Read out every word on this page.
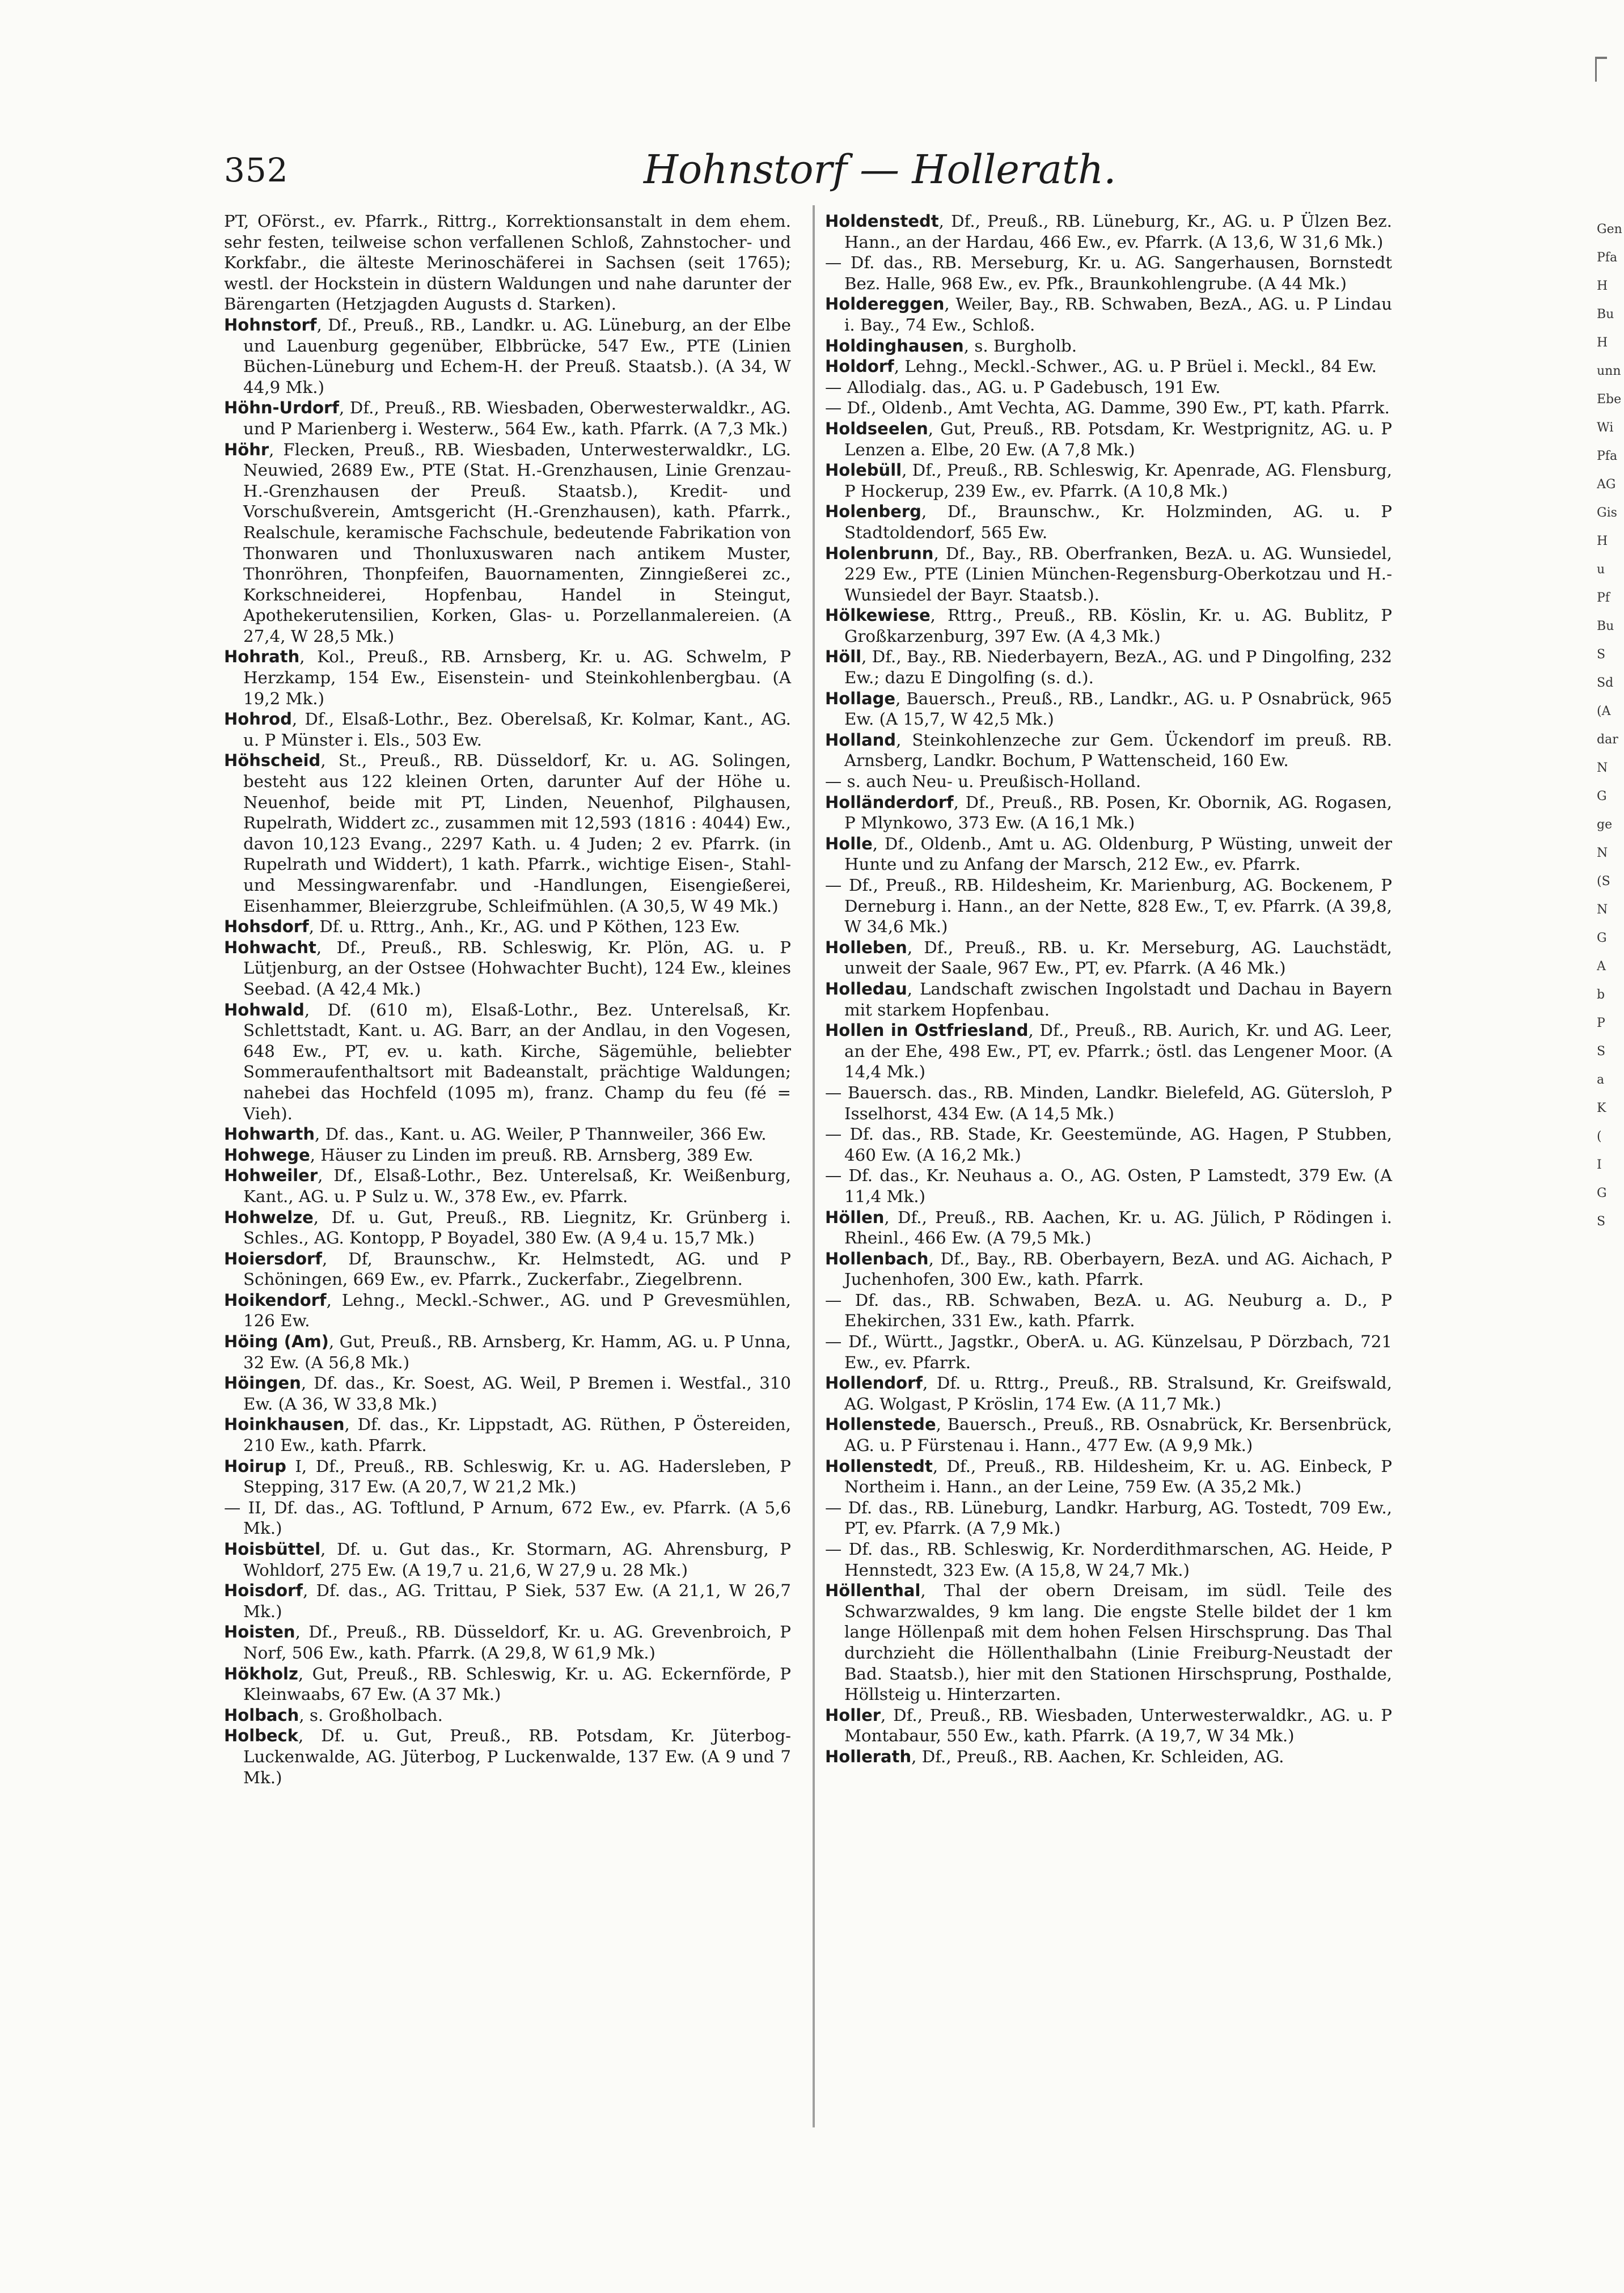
352	Hohnstorf — Hollerath.

PT, OFörst., ev. Pfarrk., Rittrg., Korrektionsanstalt in dem ehem. sehr festen, teilweise schon verfallenen Schloß, Zahnstocher- und Korkfabr., die älteste Merinoschäferei in Sachsen (seit 1765); westl. der Hockstein in düstern Waldungen und nahe darunter der Bärengarten (Hetzjagden Augusts d. Starken).

Hohnstorf, Df., Preuß., RB., Landkr. u. AG. Lüneburg, an der Elbe und Lauenburg gegenüber, Elbbrücke, 547 Ew., PTE (Linien Büchen-Lüneburg und Echem-H. der Preuß. Staatsb.). (A 34, W 44,9 Mk.)

Höhn-Urdorf, Df., Preuß., RB. Wiesbaden, Oberwesterwaldkr., AG. und P Marienberg i. Westerw., 564 Ew., kath. Pfarrk. (A 7,3 Mk.)

Höhr, Flecken, Preuß., RB. Wiesbaden, Unterwesterwaldkr., LG. Neuwied, 2689 Ew., PTE (Stat. H.-Grenzhausen, Linie Grenzau-H.-Grenzhausen der Preuß. Staatsb.), Kredit- und Vorschußverein, Amtsgericht (H.-Grenzhausen), kath. Pfarrk., Realschule, keramische Fachschule, bedeutende Fabrikation von Thonwaren und Thonluxuswaren nach antikem Muster, Thonröhren, Thonpfeifen, Bauornamenten, Zinngießerei zc., Korkschneiderei, Hopfenbau, Handel in Steingut, Apothekerutensilien, Korken, Glas- u. Porzellanmalereien. (A 27,4, W 28,5 Mk.)

Hohrath, Kol., Preuß., RB. Arnsberg, Kr. u. AG. Schwelm, P Herzkamp, 154 Ew., Eisenstein- und Steinkohlenbergbau. (A 19,2 Mk.)

Hohrod, Df., Elsaß-Lothr., Bez. Oberelsaß, Kr. Kolmar, Kant., AG. u. P Münster i. Els., 503 Ew.

Höhscheid, St., Preuß., RB. Düsseldorf, Kr. u. AG. Solingen, besteht aus 122 kleinen Orten, darunter Auf der Höhe u. Neuenhof, beide mit PT, Linden, Neuenhof, Pilghausen, Rupelrath, Widdert zc., zusammen mit 12,593 (1816 : 4044) Ew., davon 10,123 Evang., 2297 Kath. u. 4 Juden; 2 ev. Pfarrk. (in Rupelrath und Widdert), 1 kath. Pfarrk., wichtige Eisen-, Stahl- und Messingwarenfabr. und -Handlungen, Eisengießerei, Eisenhammer, Bleierzgrube, Schleifmühlen. (A 30,5, W 49 Mk.)

Hohsdorf, Df. u. Rttrg., Anh., Kr., AG. und P Köthen, 123 Ew.

Hohwacht, Df., Preuß., RB. Schleswig, Kr. Plön, AG. u. P Lütjenburg, an der Ostsee (Hohwachter Bucht), 124 Ew., kleines Seebad. (A 42,4 Mk.)

Hohwald, Df. (610 m), Elsaß-Lothr., Bez. Unterelsaß, Kr. Schlettstadt, Kant. u. AG. Barr, an der Andlau, in den Vogesen, 648 Ew., PT, ev. u. kath. Kirche, Sägemühle, beliebter Sommeraufenthaltsort mit Badeanstalt, prächtige Waldungen; nahebei das Hochfeld (1095 m), franz. Champ du feu (fé = Vieh).

Hohwarth, Df. das., Kant. u. AG. Weiler, P Thannweiler, 366 Ew.

Hohwege, Häuser zu Linden im preuß. RB. Arnsberg, 389 Ew.

Hohweiler, Df., Elsaß-Lothr., Bez. Unterelsaß, Kr. Weißenburg, Kant., AG. u. P Sulz u. W., 378 Ew., ev. Pfarrk.

Hohwelze, Df. u. Gut, Preuß., RB. Liegnitz, Kr. Grünberg i. Schles., AG. Kontopp, P Boyadel, 380 Ew. (A 9,4 u. 15,7 Mk.)

Hoiersdorf, Df, Braunschw., Kr. Helmstedt, AG. und P Schöningen, 669 Ew., ev. Pfarrk., Zuckerfabr., Ziegelbrenn.

Hoikendorf, Lehng., Meckl.-Schwer., AG. und P Grevesmühlen, 126 Ew.

Höing (Am), Gut, Preuß., RB. Arnsberg, Kr. Hamm, AG. u. P Unna, 32 Ew. (A 56,8 Mk.)

Höingen, Df. das., Kr. Soest, AG. Weil, P Bremen i. Westfal., 310 Ew. (A 36, W 33,8 Mk.)

Hoinkhausen, Df. das., Kr. Lippstadt, AG. Rüthen, P Östereiden, 210 Ew., kath. Pfarrk.

Hoirup I, Df., Preuß., RB. Schleswig, Kr. u. AG. Hadersleben, P Stepping, 317 Ew. (A 20,7, W 21,2 Mk.)

— II, Df. das., AG. Toftlund, P Arnum, 672 Ew., ev. Pfarrk. (A 5,6 Mk.)

Hoisbüttel, Df. u. Gut das., Kr. Stormarn, AG. Ahrensburg, P Wohldorf, 275 Ew. (A 19,7 u. 21,6, W 27,9 u. 28 Mk.)

Hoisdorf, Df. das., AG. Trittau, P Siek, 537 Ew. (A 21,1, W 26,7 Mk.)

Hoisten, Df., Preuß., RB. Düsseldorf, Kr. u. AG. Grevenbroich, P Norf, 506 Ew., kath. Pfarrk. (A 29,8, W 61,9 Mk.)

Hökholz, Gut, Preuß., RB. Schleswig, Kr. u. AG. Eckernförde, P Kleinwaabs, 67 Ew. (A 37 Mk.)

Holbach, s. Großholbach.

Holbeck, Df. u. Gut, Preuß., RB. Potsdam, Kr. Jüterbog-Luckenwalde, AG. Jüterbog, P Luckenwalde, 137 Ew. (A 9 und 7 Mk.)

Holdenstedt, Df., Preuß., RB. Lüneburg, Kr., AG. u. P Ülzen Bez. Hann., an der Hardau, 466 Ew., ev. Pfarrk. (A 13,6, W 31,6 Mk.)

— Df. das., RB. Merseburg, Kr. u. AG. Sangerhausen, Bornstedt Bez. Halle, 968 Ew., ev. Pfk., Braunkohlengrube. (A 44 Mk.)

Holdereggen, Weiler, Bay., RB. Schwaben, BezA., AG. u. P Lindau i. Bay., 74 Ew., Schloß.

Holdinghausen, s. Burgholb.

Holdorf, Lehng., Meckl.-Schwer., AG. u. P Brüel i. Meckl., 84 Ew.

— Allodialg. das., AG. u. P Gadebusch, 191 Ew.

— Df., Oldenb., Amt Vechta, AG. Damme, 390 Ew., PT, kath. Pfarrk.

Holdseelen, Gut, Preuß., RB. Potsdam, Kr. Westprignitz, AG. u. P Lenzen a. Elbe, 20 Ew. (A 7,8 Mk.)

Holebüll, Df., Preuß., RB. Schleswig, Kr. Apenrade, AG. Flensburg, P Hockerup, 239 Ew., ev. Pfarrk. (A 10,8 Mk.)

Holenberg, Df., Braunschw., Kr. Holzminden, AG. u. P Stadtoldendorf, 565 Ew.

Holenbrunn, Df., Bay., RB. Oberfranken, BezA. u. AG. Wunsiedel, 229 Ew., PTE (Linien München-Regensburg-Oberkotzau und H.-Wunsiedel der Bayr. Staatsb.).

Hölkewiese, Rttrg., Preuß., RB. Köslin, Kr. u. AG. Bublitz, P Großkarzenburg, 397 Ew. (A 4,3 Mk.)

Höll, Df., Bay., RB. Niederbayern, BezA., AG. und P Dingolfing, 232 Ew.; dazu E Dingolfing (s. d.).

Hollage, Bauersch., Preuß., RB., Landkr., AG. u. P Osnabrück, 965 Ew. (A 15,7, W 42,5 Mk.)

Holland, Steinkohlenzeche zur Gem. Ückendorf im preuß. RB. Arnsberg, Landkr. Bochum, P Wattenscheid, 160 Ew.

— s. auch Neu- u. Preußisch-Holland.

Holländerdorf, Df., Preuß., RB. Posen, Kr. Obornik, AG. Rogasen, P Mlynkowo, 373 Ew. (A 16,1 Mk.)

Holle, Df., Oldenb., Amt u. AG. Oldenburg, P Wüsting, unweit der Hunte und zu Anfang der Marsch, 212 Ew., ev. Pfarrk.

— Df., Preuß., RB. Hildesheim, Kr. Marienburg, AG. Bockenem, P Derneburg i. Hann., an der Nette, 828 Ew., T, ev. Pfarrk. (A 39,8, W 34,6 Mk.)

Holleben, Df., Preuß., RB. u. Kr. Merseburg, AG. Lauchstädt, unweit der Saale, 967 Ew., PT, ev. Pfarrk. (A 46 Mk.)

Holledau, Landschaft zwischen Ingolstadt und Dachau in Bayern mit starkem Hopfenbau.

Hollen in Ostfriesland, Df., Preuß., RB. Aurich, Kr. und AG. Leer, an der Ehe, 498 Ew., PT, ev. Pfarrk.; östl. das Lengener Moor. (A 14,4 Mk.)

— Bauersch. das., RB. Minden, Landkr. Bielefeld, AG. Gütersloh, P Isselhorst, 434 Ew. (A 14,5 Mk.)

— Df. das., RB. Stade, Kr. Geestemünde, AG. Hagen, P Stubben, 460 Ew. (A 16,2 Mk.)

— Df. das., Kr. Neuhaus a. O., AG. Osten, P Lamstedt, 379 Ew. (A 11,4 Mk.)

Höllen, Df., Preuß., RB. Aachen, Kr. u. AG. Jülich, P Rödingen i. Rheinl., 466 Ew. (A 79,5 Mk.)

Hollenbach, Df., Bay., RB. Oberbayern, BezA. und AG. Aichach, P Juchenhofen, 300 Ew., kath. Pfarrk.

— Df. das., RB. Schwaben, BezA. u. AG. Neuburg a. D., P Ehekirchen, 331 Ew., kath. Pfarrk.

— Df., Württ., Jagstkr., OberA. u. AG. Künzelsau, P Dörzbach, 721 Ew., ev. Pfarrk.

Hollendorf, Df. u. Rttrg., Preuß., RB. Stralsund, Kr. Greifswald, AG. Wolgast, P Kröslin, 174 Ew. (A 11,7 Mk.)

Hollenstede, Bauersch., Preuß., RB. Osnabrück, Kr. Bersenbrück, AG. u. P Fürstenau i. Hann., 477 Ew. (A 9,9 Mk.)

Hollenstedt, Df., Preuß., RB. Hildesheim, Kr. u. AG. Einbeck, P Northeim i. Hann., an der Leine, 759 Ew. (A 35,2 Mk.)

— Df. das., RB. Lüneburg, Landkr. Harburg, AG. Tostedt, 709 Ew., PT, ev. Pfarrk. (A 7,9 Mk.)

— Df. das., RB. Schleswig, Kr. Norderdithmarschen, AG. Heide, P Hennstedt, 323 Ew. (A 15,8, W 24,7 Mk.)

Höllenthal, Thal der obern Dreisam, im südl. Teile des Schwarzwaldes, 9 km lang. Die engste Stelle bildet der 1 km lange Höllenpaß mit dem hohen Felsen Hirschsprung. Das Thal durchzieht die Höllenthalbahn (Linie Freiburg-Neustadt der Bad. Staatsb.), hier mit den Stationen Hirschsprung, Posthalde, Höllsteig u. Hinterzarten.

Holler, Df., Preuß., RB. Wiesbaden, Unterwesterwaldkr., AG. u. P Montabaur, 550 Ew., kath. Pfarrk. (A 19,7, W 34 Mk.)

Hollerath, Df., Preuß., RB. Aachen, Kr. Schleiden, AG.

Gen
Pfa
H
Bu
H
unn
Ebe
Wi
Pfa
AG
Gis
H
u
Pf
Bu
S
Sd
(A
dar
N
G
ge
N
(S
N
G
A
b
P
S
a
K
(
I
G
S
